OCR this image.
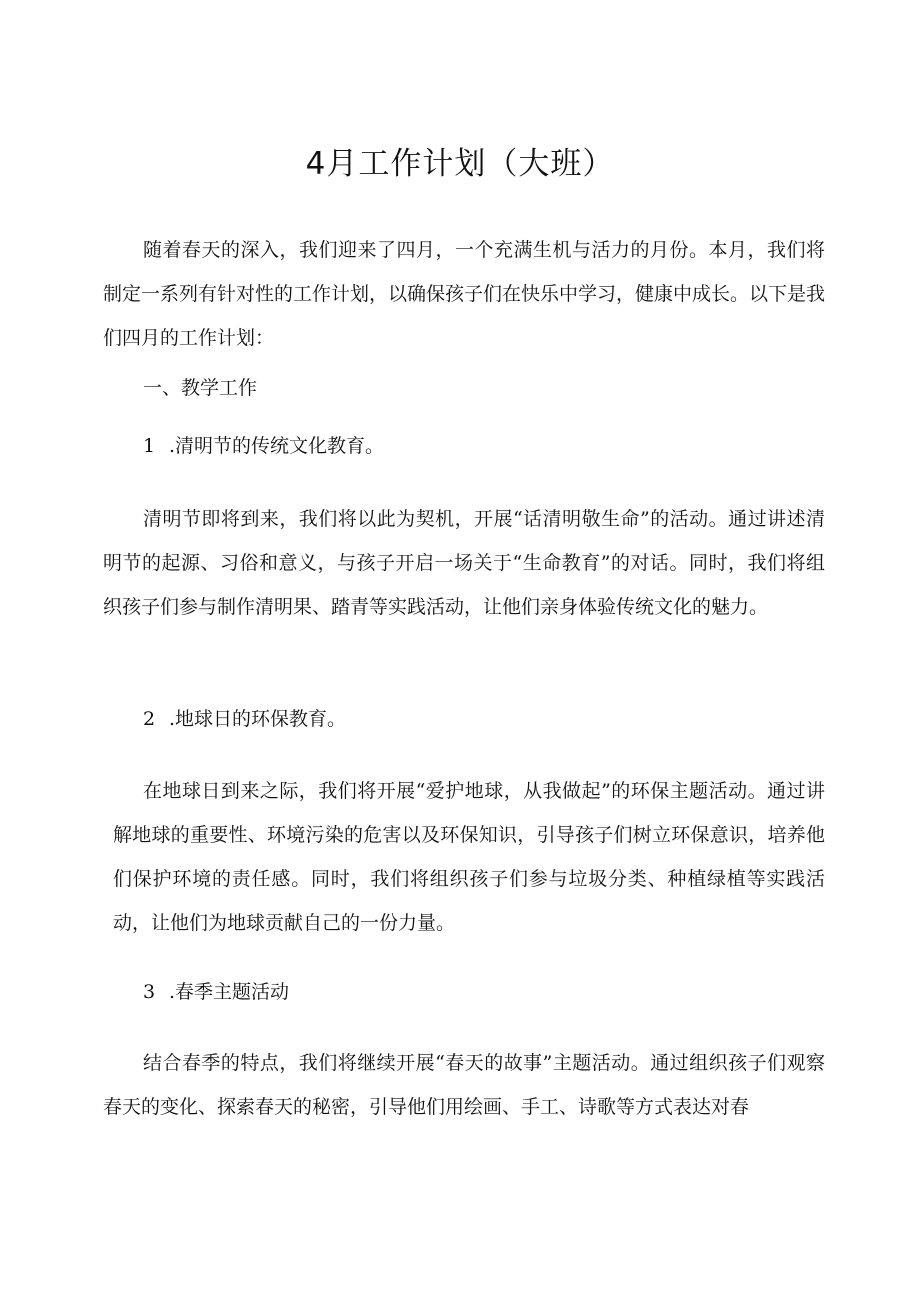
4月工作计划（大班）

随着春天的深入，我们迎来了四月，一个充满生机与活力的月份。本月，我们将制定一系列有针对性的工作计划，以确保孩子们在快乐中学习，健康中成长。以下是我们四月的工作计划：

一、教学工作

1 .清明节的传统文化教育。

清明节即将到来，我们将以此为契机，开展“话清明敬生命”的活动。通过讲述清明节的起源、习俗和意义，与孩子开启一场关于“生命教育”的对话。同时，我们将组织孩子们参与制作清明果、踏青等实践活动，让他们亲身体验传统文化的魅力。

2 .地球日的环保教育。

在地球日到来之际，我们将开展“爱护地球，从我做起”的环保主题活动。通过讲解地球的重要性、环境污染的危害以及环保知识，引导孩子们树立环保意识，培养他们保护环境的责任感。同时，我们将组织孩子们参与垃圾分类、种植绿植等实践活动，让他们为地球贡献自己的一份力量。

3 .春季主题活动

结合春季的特点，我们将继续开展“春天的故事”主题活动。通过组织孩子们观察春天的变化、探索春天的秘密，引导他们用绘画、手工、诗歌等方式表达对春
